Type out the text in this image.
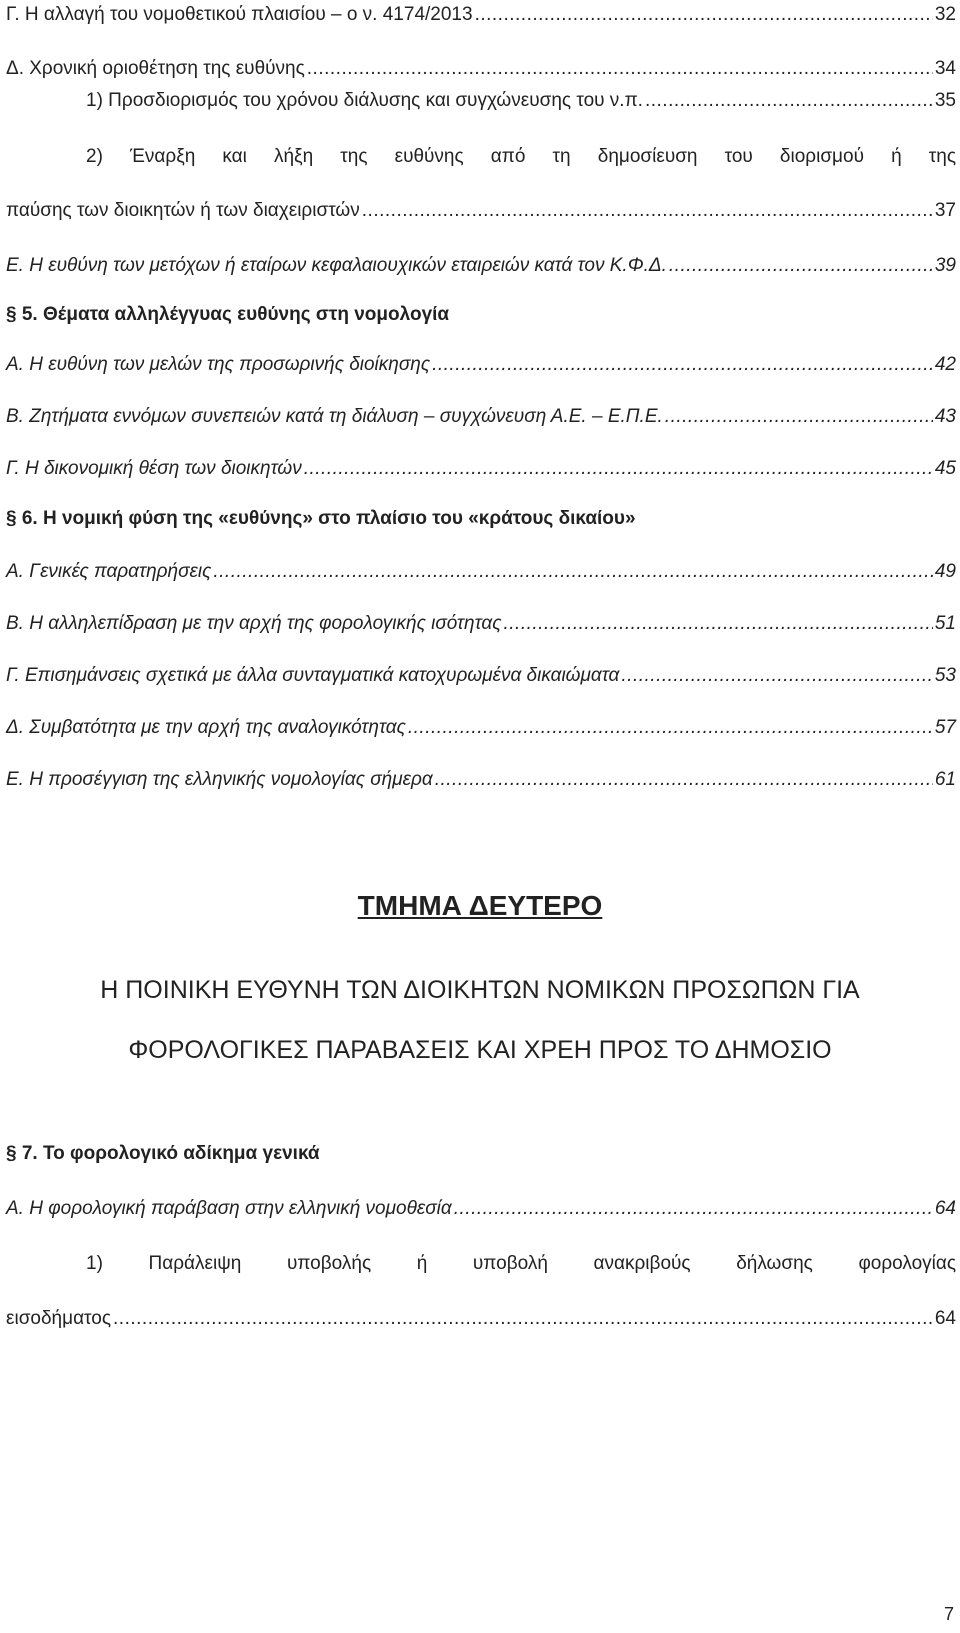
Γ. Η αλλαγή του νομοθετικού πλαισίου – ο ν. 4174/2013 .....	32
Δ. Χρονική οριοθέτηση της ευθύνης .....	34
1) Προσδιορισμός του χρόνου διάλυσης και συγχώνευσης του ν.π. .....	35
2) Έναρξη και λήξη της ευθύνης από τη δημοσίευση του διορισμού ή της
παύσης των διοικητών ή των διαχειριστών .....	37
Ε. Η ευθύνη των μετόχων ή εταίρων κεφαλαιουχικών εταιρειών κατά τον Κ.Φ.Δ. .....	39
§ 5. Θέματα αλληλέγγυας ευθύνης στη νομολογία
Α. Η ευθύνη των μελών της προσωρινής διοίκησης .....	42
Β. Ζητήματα εννόμων συνεπειών κατά τη διάλυση – συγχώνευση Α.Ε. – Ε.Π.Ε. .....	43
Γ. Η δικονομική θέση των διοικητών .....	45
§ 6. Η νομική φύση της «ευθύνης» στο πλαίσιο του «κράτους δικαίου»
Α. Γενικές παρατηρήσεις .....	49
Β. Η αλληλεπίδραση με την αρχή της φορολογικής ισότητας .....	51
Γ. Επισημάνσεις σχετικά με άλλα συνταγματικά κατοχυρωμένα δικαιώματα .....	53
Δ. Συμβατότητα με την αρχή της αναλογικότητας .....	57
Ε. Η προσέγγιση της ελληνικής νομολογίας σήμερα .....	61
ΤΜΗΜΑ ΔΕΥΤΕΡΟ
Η ΠΟΙΝΙΚΗ ΕΥΘΥΝΗ ΤΩΝ ΔΙΟΙΚΗΤΩΝ ΝΟΜΙΚΩΝ ΠΡΟΣΩΠΩΝ ΓΙΑ
ΦΟΡΟΛΟΓΙΚΕΣ ΠΑΡΑΒΑΣΕΙΣ ΚΑΙ ΧΡΕΗ ΠΡΟΣ ΤΟ ΔΗΜΟΣΙΟ
§ 7. Το φορολογικό αδίκημα γενικά
Α. Η φορολογική παράβαση στην ελληνική νομοθεσία .....	64
1) Παράλειψη υποβολής ή υποβολή ανακριβούς δήλωσης φορολογίας
εισοδήματος .....	64
7
